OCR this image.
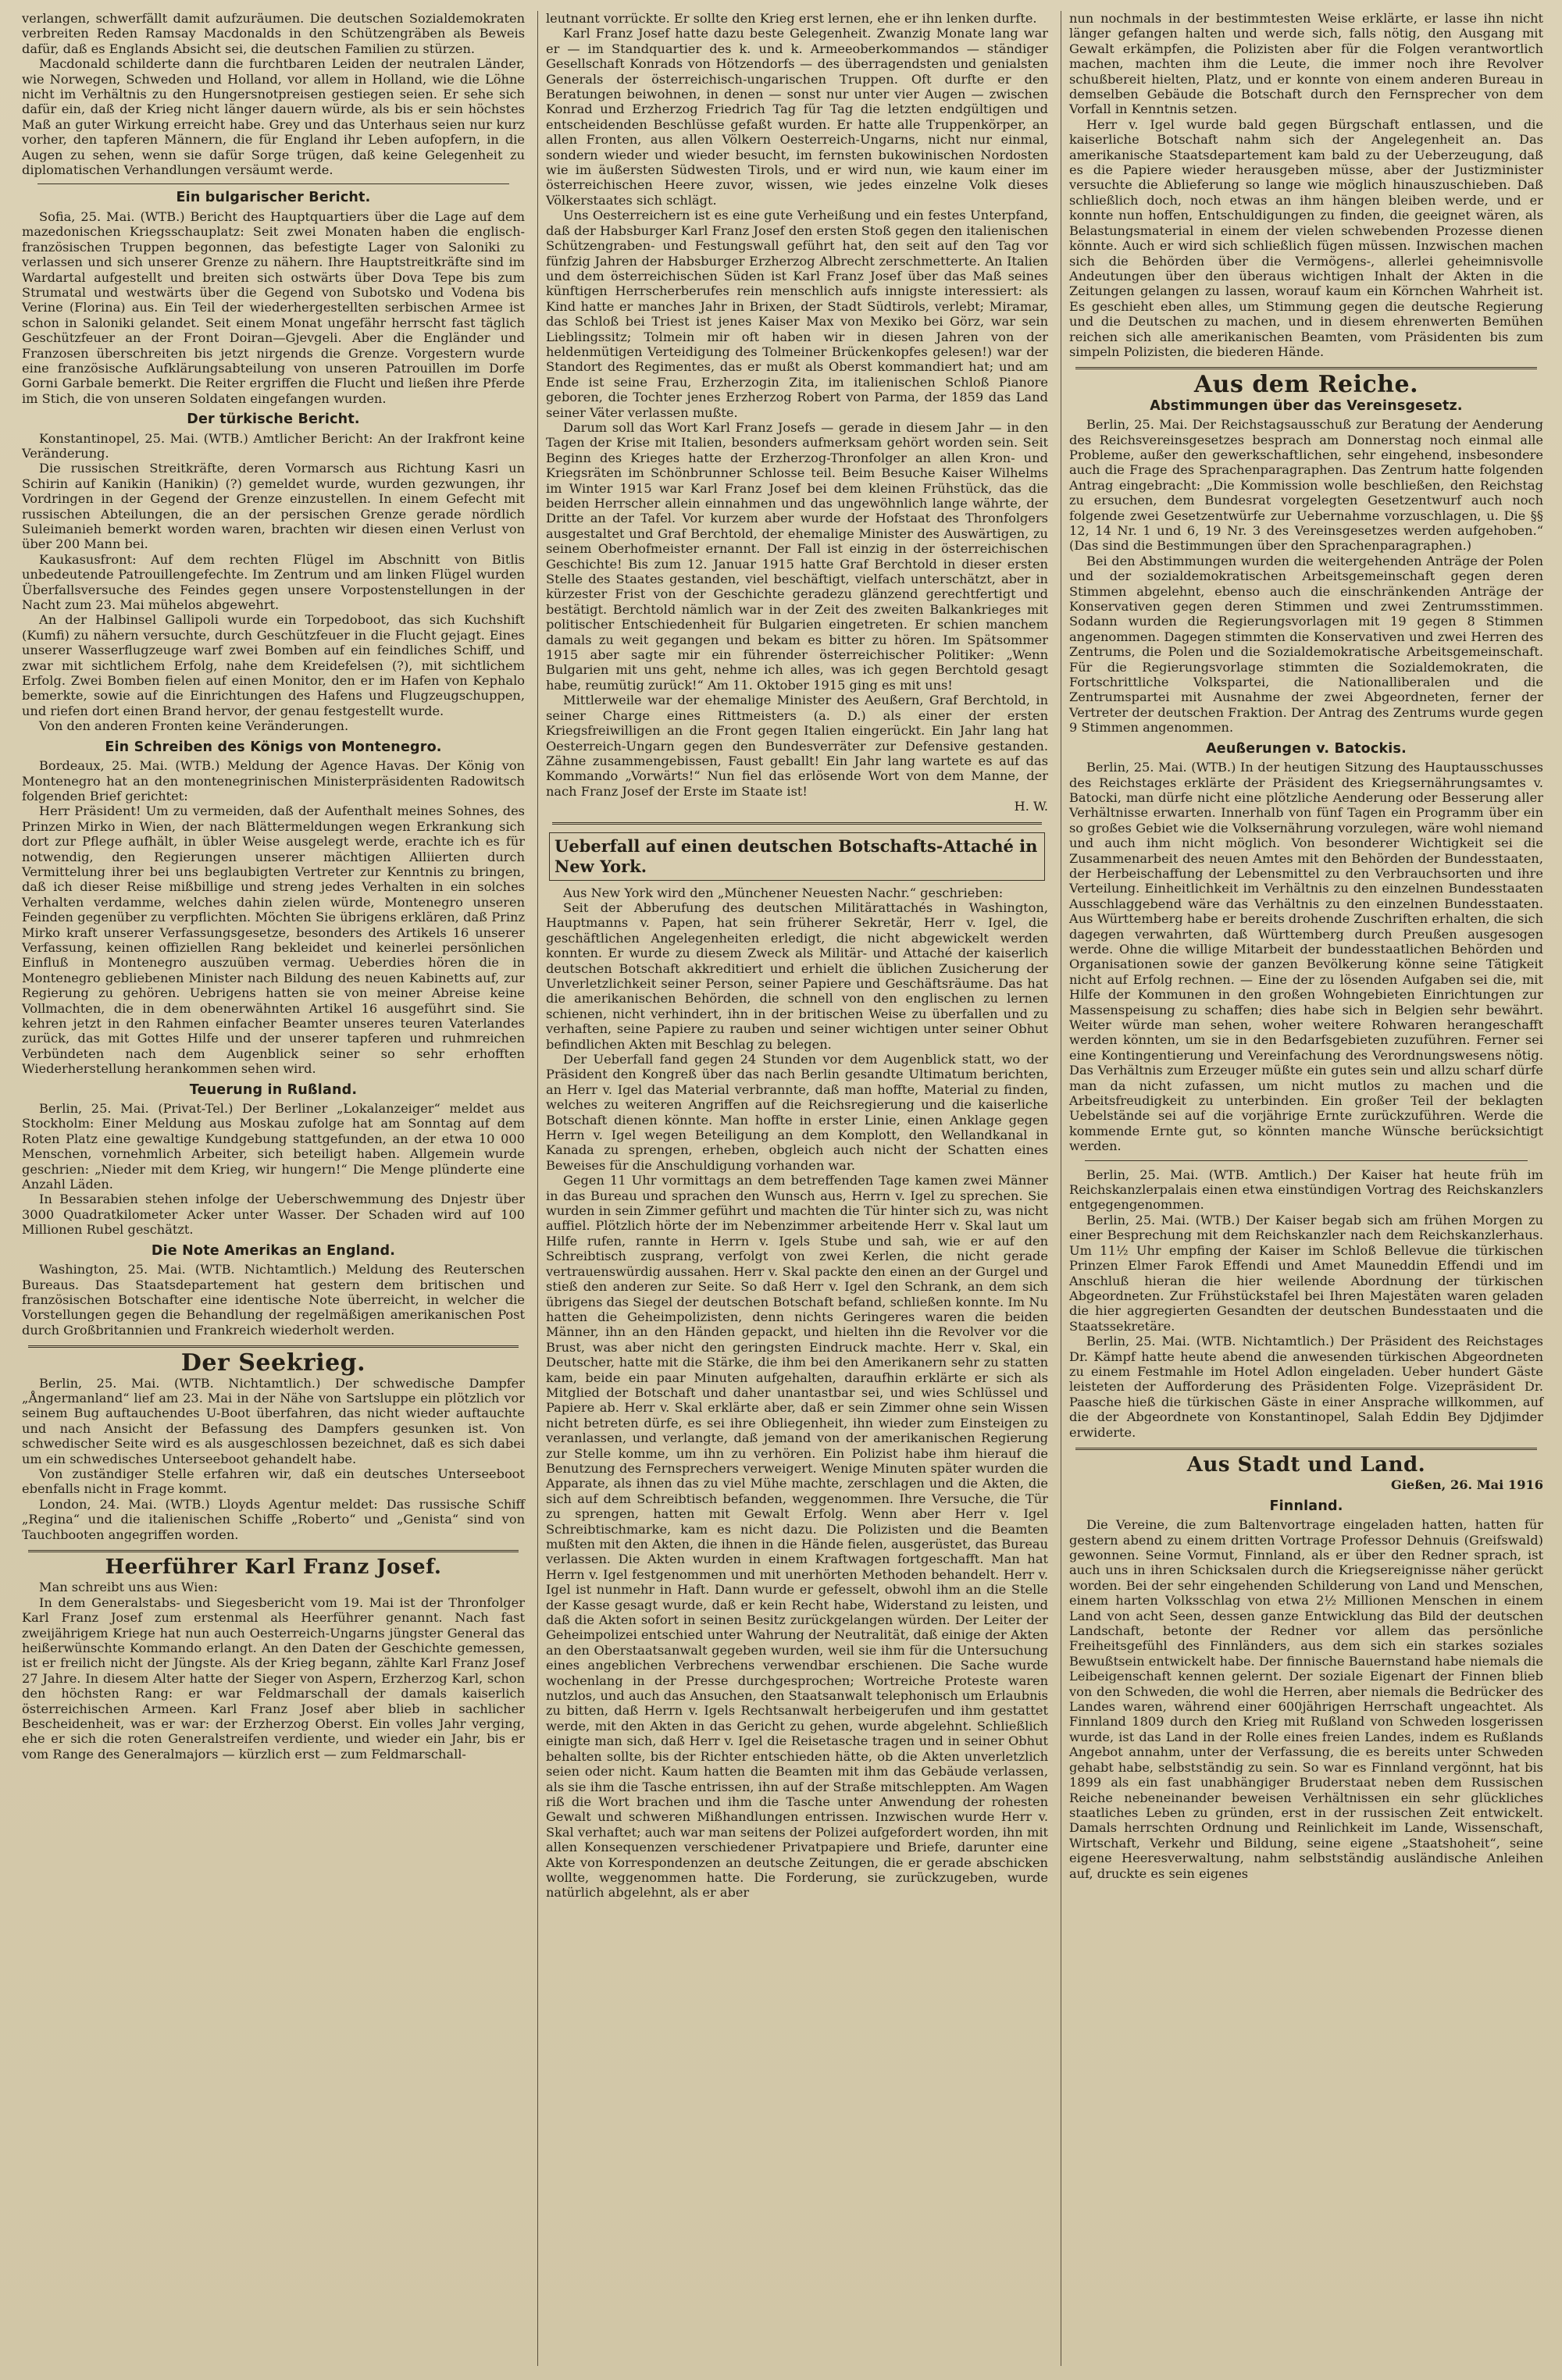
verlangen, schwerfällt damit aufzuräumen. Die deutschen Sozialdemokraten verbreiten Reden Ramsay Macdonalds in den Schützengräben als Beweis dafür, daß es Englands Absicht sei, die deutschen Familien zu stürzen.

Macdonald schilderte dann die furchtbaren Leiden der neutralen Länder, wie Norwegen, Schweden und Holland, vor allem in Holland, wie die Löhne nicht im Verhältnis zu den Hungersnotpreisen gestiegen seien. Er sehe sich dafür ein, daß der Krieg nicht länger dauern würde, als bis er sein höchstes Maß an guter Wirkung erreicht habe. Grey und das Unterhaus seien nur kurz vorher, den tapferen Männern, die für England ihr Leben aufopfern, in die Augen zu sehen, wenn sie dafür Sorge trügen, daß keine Gelegenheit zu diplomatischen Verhandlungen versäumt werde.

Ein bulgarischer Bericht.

Sofia, 25. Mai. (WTB.) Bericht des Hauptquartiers über die Lage auf dem mazedonischen Kriegsschauplatz: Seit zwei Monaten haben die englisch-französischen Truppen begonnen, das befestigte Lager von Saloniki zu verlassen und sich unserer Grenze zu nähern. Ihre Hauptstreitkräfte sind im Wardartal aufgestellt und breiten sich ostwärts über Dova Tepe bis zum Strumatal und westwärts über die Gegend von Subotsko und Vodena bis Verine (Florina) aus. Ein Teil der wiederhergestellten serbischen Armee ist schon in Saloniki gelandet. Seit einem Monat ungefähr herrscht fast täglich Geschützfeuer an der Front Doiran—Gjevgeli. Aber die Engländer und Franzosen überschreiten bis jetzt nirgends die Grenze. Vorgestern wurde eine französische Aufklärungsabteilung von unseren Patrouillen im Dorfe Gorni Garbale bemerkt. Die Reiter ergriffen die Flucht und ließen ihre Pferde im Stich, die von unseren Soldaten eingefangen wurden.

Der türkische Bericht.

Konstantinopel, 25. Mai. (WTB.) Amtlicher Bericht: An der Irakfront keine Veränderung.

Die russischen Streitkräfte, deren Vormarsch aus Richtung Kasri un Schirin auf Kanikin (Hanikin) (?) gemeldet wurde, wurden gezwungen, ihr Vordringen in der Gegend der Grenze einzustellen. In einem Gefecht mit russischen Abteilungen, die an der persischen Grenze gerade nördlich Suleimanieh bemerkt worden waren, brachten wir diesen einen Verlust von über 200 Mann bei.

Kaukasusfront: Auf dem rechten Flügel im Abschnitt von Bitlis unbedeutende Patrouillengefechte. Im Zentrum und am linken Flügel wurden Überfallsversuche des Feindes gegen unsere Vorpostenstellungen in der Nacht zum 23. Mai mühelos abgewehrt.

An der Halbinsel Gallipoli wurde ein Torpedoboot, das sich Kuchshift (Kumfi) zu nähern versuchte, durch Geschützfeuer in die Flucht gejagt. Eines unserer Wasserflugzeuge warf zwei Bomben auf ein feindliches Schiff, und zwar mit sichtlichem Erfolg, nahe dem Kreidefelsen (?), mit sichtlichem Erfolg. Zwei Bomben fielen auf einen Monitor, den er im Hafen von Kephalo bemerkte, sowie auf die Einrichtungen des Hafens und Flugzeugschuppen, und riefen dort einen Brand hervor, der genau festgestellt wurde.

Von den anderen Fronten keine Veränderungen.

Ein Schreiben des Königs von Montenegro.

Bordeaux, 25. Mai. (WTB.) Meldung der Agence Havas. Der König von Montenegro hat an den montenegrinischen Ministerpräsidenten Radowitsch folgenden Brief gerichtet:

Herr Präsident! Um zu vermeiden, daß der Aufenthalt meines Sohnes, des Prinzen Mirko in Wien, der nach Blättermeldungen wegen Erkrankung sich dort zur Pflege aufhält, in übler Weise ausgelegt werde, erachte ich es für notwendig, den Regierungen unserer mächtigen Alliierten durch Vermittelung ihrer bei uns beglaubigten Vertreter zur Kenntnis zu bringen, daß ich dieser Reise mißbillige und streng jedes Verhalten in ein solches Verhalten verdamme, welches dahin zielen würde, Montenegro unseren Feinden gegenüber zu verpflichten. Möchten Sie übrigens erklären, daß Prinz Mirko kraft unserer Verfassungsgesetze, besonders des Artikels 16 unserer Verfassung, keinen offiziellen Rang bekleidet und keinerlei persönlichen Einfluß in Montenegro auszuüben vermag. Ueberdies hören die in Montenegro gebliebenen Minister nach Bildung des neuen Kabinetts auf, zur Regierung zu gehören. Uebrigens hatten sie von meiner Abreise keine Vollmachten, die in dem obenerwähnten Artikel 16 ausgeführt sind. Sie kehren jetzt in den Rahmen einfacher Beamter unseres teuren Vaterlandes zurück, das mit Gottes Hilfe und der unserer tapferen und ruhmreichen Verbündeten nach dem Augenblick seiner so sehr erhofften Wiederherstellung herankommen sehen wird.

Teuerung in Rußland.

Berlin, 25. Mai. (Privat-Tel.) Der Berliner „Lokalanzeiger“ meldet aus Stockholm: Einer Meldung aus Moskau zufolge hat am Sonntag auf dem Roten Platz eine gewaltige Kundgebung stattgefunden, an der etwa 10 000 Menschen, vornehmlich Arbeiter, sich beteiligt haben. Allgemein wurde geschrien: „Nieder mit dem Krieg, wir hungern!“ Die Menge plünderte eine Anzahl Läden.

In Bessarabien stehen infolge der Ueberschwemmung des Dnjestr über 3000 Quadratkilometer Acker unter Wasser. Der Schaden wird auf 100 Millionen Rubel geschätzt.

Die Note Amerikas an England.

Washington, 25. Mai. (WTB. Nichtamtlich.) Meldung des Reuterschen Bureaus. Das Staatsdepartement hat gestern dem britischen und französischen Botschafter eine identische Note überreicht, in welcher die Vorstellungen gegen die Behandlung der regelmäßigen amerikanischen Post durch Großbritannien und Frankreich wiederholt werden.

Der Seekrieg.

Berlin, 25. Mai. (WTB. Nichtamtlich.) Der schwedische Dampfer „Ångermanland“ lief am 23. Mai in der Nähe von Sartsluppe ein plötzlich vor seinem Bug auftauchendes U-Boot überfahren, das nicht wieder auftauchte und nach Ansicht der Befassung des Dampfers gesunken ist. Von schwedischer Seite wird es als ausgeschlossen bezeichnet, daß es sich dabei um ein schwedisches Unterseeboot gehandelt habe.

Von zuständiger Stelle erfahren wir, daß ein deutsches Unterseeboot ebenfalls nicht in Frage kommt.

London, 24. Mai. (WTB.) Lloyds Agentur meldet: Das russische Schiff „Regina“ und die italienischen Schiffe „Roberto“ und „Genista“ sind von Tauchbooten angegriffen worden.

Heerführer Karl Franz Josef.

Man schreibt uns aus Wien:

In dem Generalstabs- und Siegesbericht vom 19. Mai ist der Thronfolger Karl Franz Josef zum erstenmal als Heerführer genannt. Nach fast zweijährigem Kriege hat nun auch Oesterreich-Ungarns jüngster General das heißerwünschte Kommando erlangt. An den Daten der Geschichte gemessen, ist er freilich nicht der Jüngste. Als der Krieg begann, zählte Karl Franz Josef 27 Jahre. In diesem Alter hatte der Sieger von Aspern, Erzherzog Karl, schon den höchsten Rang: er war Feldmarschall der damals kaiserlich österreichischen Armeen. Karl Franz Josef aber blieb in sachlicher Bescheidenheit, was er war: der Erzherzog Oberst. Ein volles Jahr verging, ehe er sich die roten Generalstreifen verdiente, und wieder ein Jahr, bis er vom Range des Generalmajors — kürzlich erst — zum Feldmarschall-

leutnant vorrückte. Er sollte den Krieg erst lernen, ehe er ihn lenken durfte.

Karl Franz Josef hatte dazu beste Gelegenheit. Zwanzig Monate lang war er — im Standquartier des k. und k. Armeeoberkommandos — ständiger Gesellschaft Konrads von Hötzendorfs — des überragendsten und genialsten Generals der österreichisch-ungarischen Truppen. Oft durfte er den Beratungen beiwohnen, in denen — sonst nur unter vier Augen — zwischen Konrad und Erzherzog Friedrich Tag für Tag die letzten endgültigen und entscheidenden Beschlüsse gefaßt wurden. Er hatte alle Truppenkörper, an allen Fronten, aus allen Völkern Oesterreich-Ungarns, nicht nur einmal, sondern wieder und wieder besucht, im fernsten bukowinischen Nordosten wie im äußersten Südwesten Tirols, und er wird nun, wie kaum einer im österreichischen Heere zuvor, wissen, wie jedes einzelne Volk dieses Völkerstaates sich schlägt.

Uns Oesterreichern ist es eine gute Verheißung und ein festes Unterpfand, daß der Habsburger Karl Franz Josef den ersten Stoß gegen den italienischen Schützengraben- und Festungswall geführt hat, den seit auf den Tag vor fünfzig Jahren der Habsburger Erzherzog Albrecht zerschmetterte. An Italien und dem österreichischen Süden ist Karl Franz Josef über das Maß seines künftigen Herrscherberufes rein menschlich aufs innigste interessiert: als Kind hatte er manches Jahr in Brixen, der Stadt Südtirols, verlebt; Miramar, das Schloß bei Triest ist jenes Kaiser Max von Mexiko bei Görz, war sein Lieblingssitz; Tolmein mir oft haben wir in diesen Jahren von der heldenmütigen Verteidigung des Tolmeiner Brückenkopfes gelesen!) war der Standort des Regimentes, das er mußt als Oberst kommandiert hat; und am Ende ist seine Frau, Erzherzogin Zita, im italienischen Schloß Pianore geboren, die Tochter jenes Erzherzog Robert von Parma, der 1859 das Land seiner Väter verlassen mußte.

Darum soll das Wort Karl Franz Josefs — gerade in diesem Jahr — in den Tagen der Krise mit Italien, besonders aufmerksam gehört worden sein. Seit Beginn des Krieges hatte der Erzherzog-Thronfolger an allen Kron- und Kriegsräten im Schönbrunner Schlosse teil. Beim Besuche Kaiser Wilhelms im Winter 1915 war Karl Franz Josef bei dem kleinen Frühstück, das die beiden Herrscher allein einnahmen und das ungewöhnlich lange währte, der Dritte an der Tafel. Vor kurzem aber wurde der Hofstaat des Thronfolgers ausgestaltet und Graf Berchtold, der ehemalige Minister des Auswärtigen, zu seinem Oberhofmeister ernannt. Der Fall ist einzig in der österreichischen Geschichte! Bis zum 12. Januar 1915 hatte Graf Berchtold in dieser ersten Stelle des Staates gestanden, viel beschäftigt, vielfach unterschätzt, aber in kürzester Frist von der Geschichte geradezu glänzend gerechtfertigt und bestätigt. Berchtold nämlich war in der Zeit des zweiten Balkankrieges mit politischer Entschiedenheit für Bulgarien eingetreten. Er schien manchem damals zu weit gegangen und bekam es bitter zu hören. Im Spätsommer 1915 aber sagte mir ein führender österreichischer Politiker: „Wenn Bulgarien mit uns geht, nehme ich alles, was ich gegen Berchtold gesagt habe, reumütig zurück!“ Am 11. Oktober 1915 ging es mit uns!

Mittlerweile war der ehemalige Minister des Aeußern, Graf Berchtold, in seiner Charge eines Rittmeisters (a. D.) als einer der ersten Kriegsfreiwilligen an die Front gegen Italien eingerückt. Ein Jahr lang hat Oesterreich-Ungarn gegen den Bundesverräter zur Defensive gestanden. Zähne zusammengebissen, Faust geballt! Ein Jahr lang wartete es auf das Kommando „Vorwärts!“ Nun fiel das erlösende Wort von dem Manne, der nach Franz Josef der Erste im Staate ist!

H. W.

Ueberfall auf einen deutschen Botschafts-Attaché in New York.

Aus New York wird den „Münchener Neuesten Nachr.“ geschrieben:

Seit der Abberufung des deutschen Militärattachés in Washington, Hauptmanns v. Papen, hat sein früherer Sekretär, Herr v. Igel, die geschäftlichen Angelegenheiten erledigt, die nicht abgewickelt werden konnten. Er wurde zu diesem Zweck als Militär- und Attaché der kaiserlich deutschen Botschaft akkreditiert und erhielt die üblichen Zusicherung der Unverletzlichkeit seiner Person, seiner Papiere und Geschäftsräume. Das hat die amerikanischen Behörden, die schnell von den englischen zu lernen schienen, nicht verhindert, ihn in der britischen Weise zu überfallen und zu verhaften, seine Papiere zu rauben und seiner wichtigen unter seiner Obhut befindlichen Akten mit Beschlag zu belegen.

Der Ueberfall fand gegen 24 Stunden vor dem Augenblick statt, wo der Präsident den Kongreß über das nach Berlin gesandte Ultimatum berichten, an Herr v. Igel das Material verbrannte, daß man hoffte, Material zu finden, welches zu weiteren Angriffen auf die Reichsregierung und die kaiserliche Botschaft dienen könnte. Man hoffte in erster Linie, einen Anklage gegen Herrn v. Igel wegen Beteiligung an dem Komplott, den Wellandkanal in Kanada zu sprengen, erheben, obgleich auch nicht der Schatten eines Beweises für die Anschuldigung vorhanden war.

Gegen 11 Uhr vormittags an dem betreffenden Tage kamen zwei Männer in das Bureau und sprachen den Wunsch aus, Herrn v. Igel zu sprechen. Sie wurden in sein Zimmer geführt und machten die Tür hinter sich zu, was nicht auffiel. Plötzlich hörte der im Nebenzimmer arbeitende Herr v. Skal laut um Hilfe rufen, rannte in Herrn v. Igels Stube und sah, wie er auf den Schreibtisch zusprang, verfolgt von zwei Kerlen, die nicht gerade vertrauenswürdig aussahen. Herr v. Skal packte den einen an der Gurgel und stieß den anderen zur Seite. So daß Herr v. Igel den Schrank, an dem sich übrigens das Siegel der deutschen Botschaft befand, schließen konnte. Im Nu hatten die Geheimpolizisten, denn nichts Geringeres waren die beiden Männer, ihn an den Händen gepackt, und hielten ihn die Revolver vor die Brust, was aber nicht den geringsten Eindruck machte. Herr v. Skal, ein Deutscher, hatte mit die Stärke, die ihm bei den Amerikanern sehr zu statten kam, beide ein paar Minuten aufgehalten, daraufhin erklärte er sich als Mitglied der Botschaft und daher unantastbar sei, und wies Schlüssel und Papiere ab. Herr v. Skal erklärte aber, daß er sein Zimmer ohne sein Wissen nicht betreten dürfe, es sei ihre Obliegenheit, ihn wieder zum Einsteigen zu veranlassen, und verlangte, daß jemand von der amerikanischen Regierung zur Stelle komme, um ihn zu verhören. Ein Polizist habe ihm hierauf die Benutzung des Fernsprechers verweigert. Wenige Minuten später wurden die Apparate, als ihnen das zu viel Mühe machte, zerschlagen und die Akten, die sich auf dem Schreibtisch befanden, weggenommen. Ihre Versuche, die Tür zu sprengen, hatten mit Gewalt Erfolg. Wenn aber Herr v. Igel Schreibtischmarke, kam es nicht dazu. Die Polizisten und die Beamten mußten mit den Akten, die ihnen in die Hände fielen, ausgerüstet, das Bureau verlassen. Die Akten wurden in einem Kraftwagen fortgeschafft. Man hat Herrn v. Igel festgenommen und mit unerhörten Methoden behandelt. Herr v. Igel ist nunmehr in Haft. Dann wurde er gefesselt, obwohl ihm an die Stelle der Kasse gesagt wurde, daß er kein Recht habe, Widerstand zu leisten, und daß die Akten sofort in seinen Besitz zurückgelangen würden. Der Leiter der Geheimpolizei entschied unter Wahrung der Neutralität, daß einige der Akten an den Oberstaatsanwalt gegeben wurden, weil sie ihm für die Untersuchung eines angeblichen Verbrechens verwendbar erschienen. Die Sache wurde wochenlang in der Presse durchgesprochen; Wortreiche Proteste waren nutzlos, und auch das Ansuchen, den Staatsanwalt telephonisch um Erlaubnis zu bitten, daß Herrn v. Igels Rechtsanwalt herbeigerufen und ihm gestattet werde, mit den Akten in das Gericht zu gehen, wurde abgelehnt. Schließlich einigte man sich, daß Herr v. Igel die Reisetasche tragen und in seiner Obhut behalten sollte, bis der Richter entschieden hätte, ob die Akten unverletzlich seien oder nicht. Kaum hatten die Beamten mit ihm das Gebäude verlassen, als sie ihm die Tasche entrissen, ihn auf der Straße mitschleppten. Am Wagen riß die Wort brachen und ihm die Tasche unter Anwendung der rohesten Gewalt und schweren Mißhandlungen entrissen. Inzwischen wurde Herr v. Skal verhaftet; auch war man seitens der Polizei aufgefordert worden, ihn mit allen Konsequenzen verschiedener Privatpapiere und Briefe, darunter eine Akte von Korrespondenzen an deutsche Zeitungen, die er gerade abschicken wollte, weggenommen hatte. Die Forderung, sie zurückzugeben, wurde natürlich abgelehnt, als er aber

nun nochmals in der bestimmtesten Weise erklärte, er lasse ihn nicht länger gefangen halten und werde sich, falls nötig, den Ausgang mit Gewalt erkämpfen, die Polizisten aber für die Folgen verantwortlich machen, machten ihm die Leute, die immer noch ihre Revolver schußbereit hielten, Platz, und er konnte von einem anderen Bureau in demselben Gebäude die Botschaft durch den Fernsprecher von dem Vorfall in Kenntnis setzen.

Herr v. Igel wurde bald gegen Bürgschaft entlassen, und die kaiserliche Botschaft nahm sich der Angelegenheit an. Das amerikanische Staatsdepartement kam bald zu der Ueberzeugung, daß es die Papiere wieder herausgeben müsse, aber der Justizminister versuchte die Ablieferung so lange wie möglich hinauszuschieben. Daß schließlich doch, noch etwas an ihm hängen bleiben werde, und er konnte nun hoffen, Entschuldigungen zu finden, die geeignet wären, als Belastungsmaterial in einem der vielen schwebenden Prozesse dienen könnte. Auch er wird sich schließlich fügen müssen. Inzwischen machen sich die Behörden über die Vermögens-, allerlei geheimnisvolle Andeutungen über den überaus wichtigen Inhalt der Akten in die Zeitungen gelangen zu lassen, worauf kaum ein Körnchen Wahrheit ist. Es geschieht eben alles, um Stimmung gegen die deutsche Regierung und die Deutschen zu machen, und in diesem ehrenwerten Bemühen reichen sich alle amerikanischen Beamten, vom Präsidenten bis zum simpeln Polizisten, die biederen Hände.

Aus dem Reiche.
Abstimmungen über das Vereinsgesetz.

Berlin, 25. Mai. Der Reichstagsausschuß zur Beratung der Aenderung des Reichsvereinsgesetzes besprach am Donnerstag noch einmal alle Probleme, außer den gewerkschaftlichen, sehr eingehend, insbesondere auch die Frage des Sprachenparagraphen. Das Zentrum hatte folgenden Antrag eingebracht: „Die Kommission wolle beschließen, den Reichstag zu ersuchen, dem Bundesrat vorgelegten Gesetzentwurf auch noch folgende zwei Gesetzentwürfe zur Uebernahme vorzuschlagen, u. Die §§ 12, 14 Nr. 1 und 6, 19 Nr. 3 des Vereinsgesetzes werden aufgehoben.“ (Das sind die Bestimmungen über den Sprachenparagraphen.)

Bei den Abstimmungen wurden die weitergehenden Anträge der Polen und der sozialdemokratischen Arbeitsgemeinschaft gegen deren Stimmen abgelehnt, ebenso auch die einschränkenden Anträge der Konservativen gegen deren Stimmen und zwei Zentrumsstimmen. Sodann wurden die Regierungsvorlagen mit 19 gegen 8 Stimmen angenommen. Dagegen stimmten die Konservativen und zwei Herren des Zentrums, die Polen und die Sozialdemokratische Arbeitsgemeinschaft. Für die Regierungsvorlage stimmten die Sozialdemokraten, die Fortschrittliche Volkspartei, die Nationalliberalen und die Zentrumspartei mit Ausnahme der zwei Abgeordneten, ferner der Vertreter der deutschen Fraktion. Der Antrag des Zentrums wurde gegen 9 Stimmen angenommen.

Aeußerungen v. Batockis.

Berlin, 25. Mai. (WTB.) In der heutigen Sitzung des Hauptausschusses des Reichstages erklärte der Präsident des Kriegsernährungsamtes v. Batocki, man dürfe nicht eine plötzliche Aenderung oder Besserung aller Verhältnisse erwarten. Innerhalb von fünf Tagen ein Programm über ein so großes Gebiet wie die Volksernährung vorzulegen, wäre wohl niemand und auch ihm nicht möglich. Von besonderer Wichtigkeit sei die Zusammenarbeit des neuen Amtes mit den Behörden der Bundesstaaten, der Herbeischaffung der Lebensmittel zu den Verbrauchsorten und ihre Verteilung. Einheitlichkeit im Verhältnis zu den einzelnen Bundesstaaten Ausschlaggebend wäre das Verhältnis zu den einzelnen Bundesstaaten. Aus Württemberg habe er bereits drohende Zuschriften erhalten, die sich dagegen verwahrten, daß Württemberg durch Preußen ausgesogen werde. Ohne die willige Mitarbeit der bundesstaatlichen Behörden und Organisationen sowie der ganzen Bevölkerung könne seine Tätigkeit nicht auf Erfolg rechnen. — Eine der zu lösenden Aufgaben sei die, mit Hilfe der Kommunen in den großen Wohngebieten Einrichtungen zur Massenspeisung zu schaffen; dies habe sich in Belgien sehr bewährt. Weiter würde man sehen, woher weitere Rohwaren herangeschafft werden könnten, um sie in den Bedarfsgebieten zuzuführen. Ferner sei eine Kontingentierung und Vereinfachung des Verordnungswesens nötig. Das Verhältnis zum Erzeuger müßte ein gutes sein und allzu scharf dürfe man da nicht zufassen, um nicht mutlos zu machen und die Arbeitsfreudigkeit zu unterbinden. Ein großer Teil der beklagten Uebelstände sei auf die vorjährige Ernte zurückzuführen. Werde die kommende Ernte gut, so könnten manche Wünsche berücksichtigt werden.

Berlin, 25. Mai. (WTB. Amtlich.) Der Kaiser hat heute früh im Reichskanzlerpalais einen etwa einstündigen Vortrag des Reichskanzlers entgegengenommen.

Berlin, 25. Mai. (WTB.) Der Kaiser begab sich am frühen Morgen zu einer Besprechung mit dem Reichskanzler nach dem Reichskanzlerhaus. Um 11½ Uhr empfing der Kaiser im Schloß Bellevue die türkischen Prinzen Elmer Farok Effendi und Amet Mauneddin Effendi und im Anschluß hieran die hier weilende Abordnung der türkischen Abgeordneten. Zur Frühstückstafel bei Ihren Majestäten waren geladen die hier aggregierten Gesandten der deutschen Bundesstaaten und die Staatssekretäre.

Berlin, 25. Mai. (WTB. Nichtamtlich.) Der Präsident des Reichstages Dr. Kämpf hatte heute abend die anwesenden türkischen Abgeordneten zu einem Festmahle im Hotel Adlon eingeladen. Ueber hundert Gäste leisteten der Aufforderung des Präsidenten Folge. Vizepräsident Dr. Paasche hieß die türkischen Gäste in einer Ansprache willkommen, auf die der Abgeordnete von Konstantinopel, Salah Eddin Bey Djdjimder erwiderte.

Aus Stadt und Land.
Gießen, 26. Mai 1916
Finnland.

Die Vereine, die zum Baltenvortrage eingeladen hatten, hatten für gestern abend zu einem dritten Vortrage Professor Dehnuis (Greifswald) gewonnen. Seine Vormut, Finnland, als er über den Redner sprach, ist auch uns in ihren Schicksalen durch die Kriegsereignisse näher gerückt worden. Bei der sehr eingehenden Schilderung von Land und Menschen, einem harten Volksschlag von etwa 2½ Millionen Menschen in einem Land von acht Seen, dessen ganze Entwicklung das Bild der deutschen Landschaft, betonte der Redner vor allem das persönliche Freiheitsgefühl des Finnländers, aus dem sich ein starkes soziales Bewußtsein entwickelt habe. Der finnische Bauernstand habe niemals die Leibeigenschaft kennen gelernt. Der soziale Eigenart der Finnen blieb von den Schweden, die wohl die Herren, aber niemals die Bedrücker des Landes waren, während einer 600jährigen Herrschaft ungeachtet. Als Finnland 1809 durch den Krieg mit Rußland von Schweden losgerissen wurde, ist das Land in der Rolle eines freien Landes, indem es Rußlands Angebot annahm, unter der Verfassung, die es bereits unter Schweden gehabt habe, selbstständig zu sein. So war es Finnland vergönnt, hat bis 1899 als ein fast unabhängiger Bruderstaat neben dem Russischen Reiche nebeneinander beweisen Verhältnissen ein sehr glückliches staatliches Leben zu gründen, erst in der russischen Zeit entwickelt. Damals herrschten Ordnung und Reinlichkeit im Lande, Wissenschaft, Wirtschaft, Verkehr und Bildung, seine eigene „Staatshoheit“, seine eigene Heeresverwaltung, nahm selbstständig ausländische Anleihen auf, druckte es sein eigenes
